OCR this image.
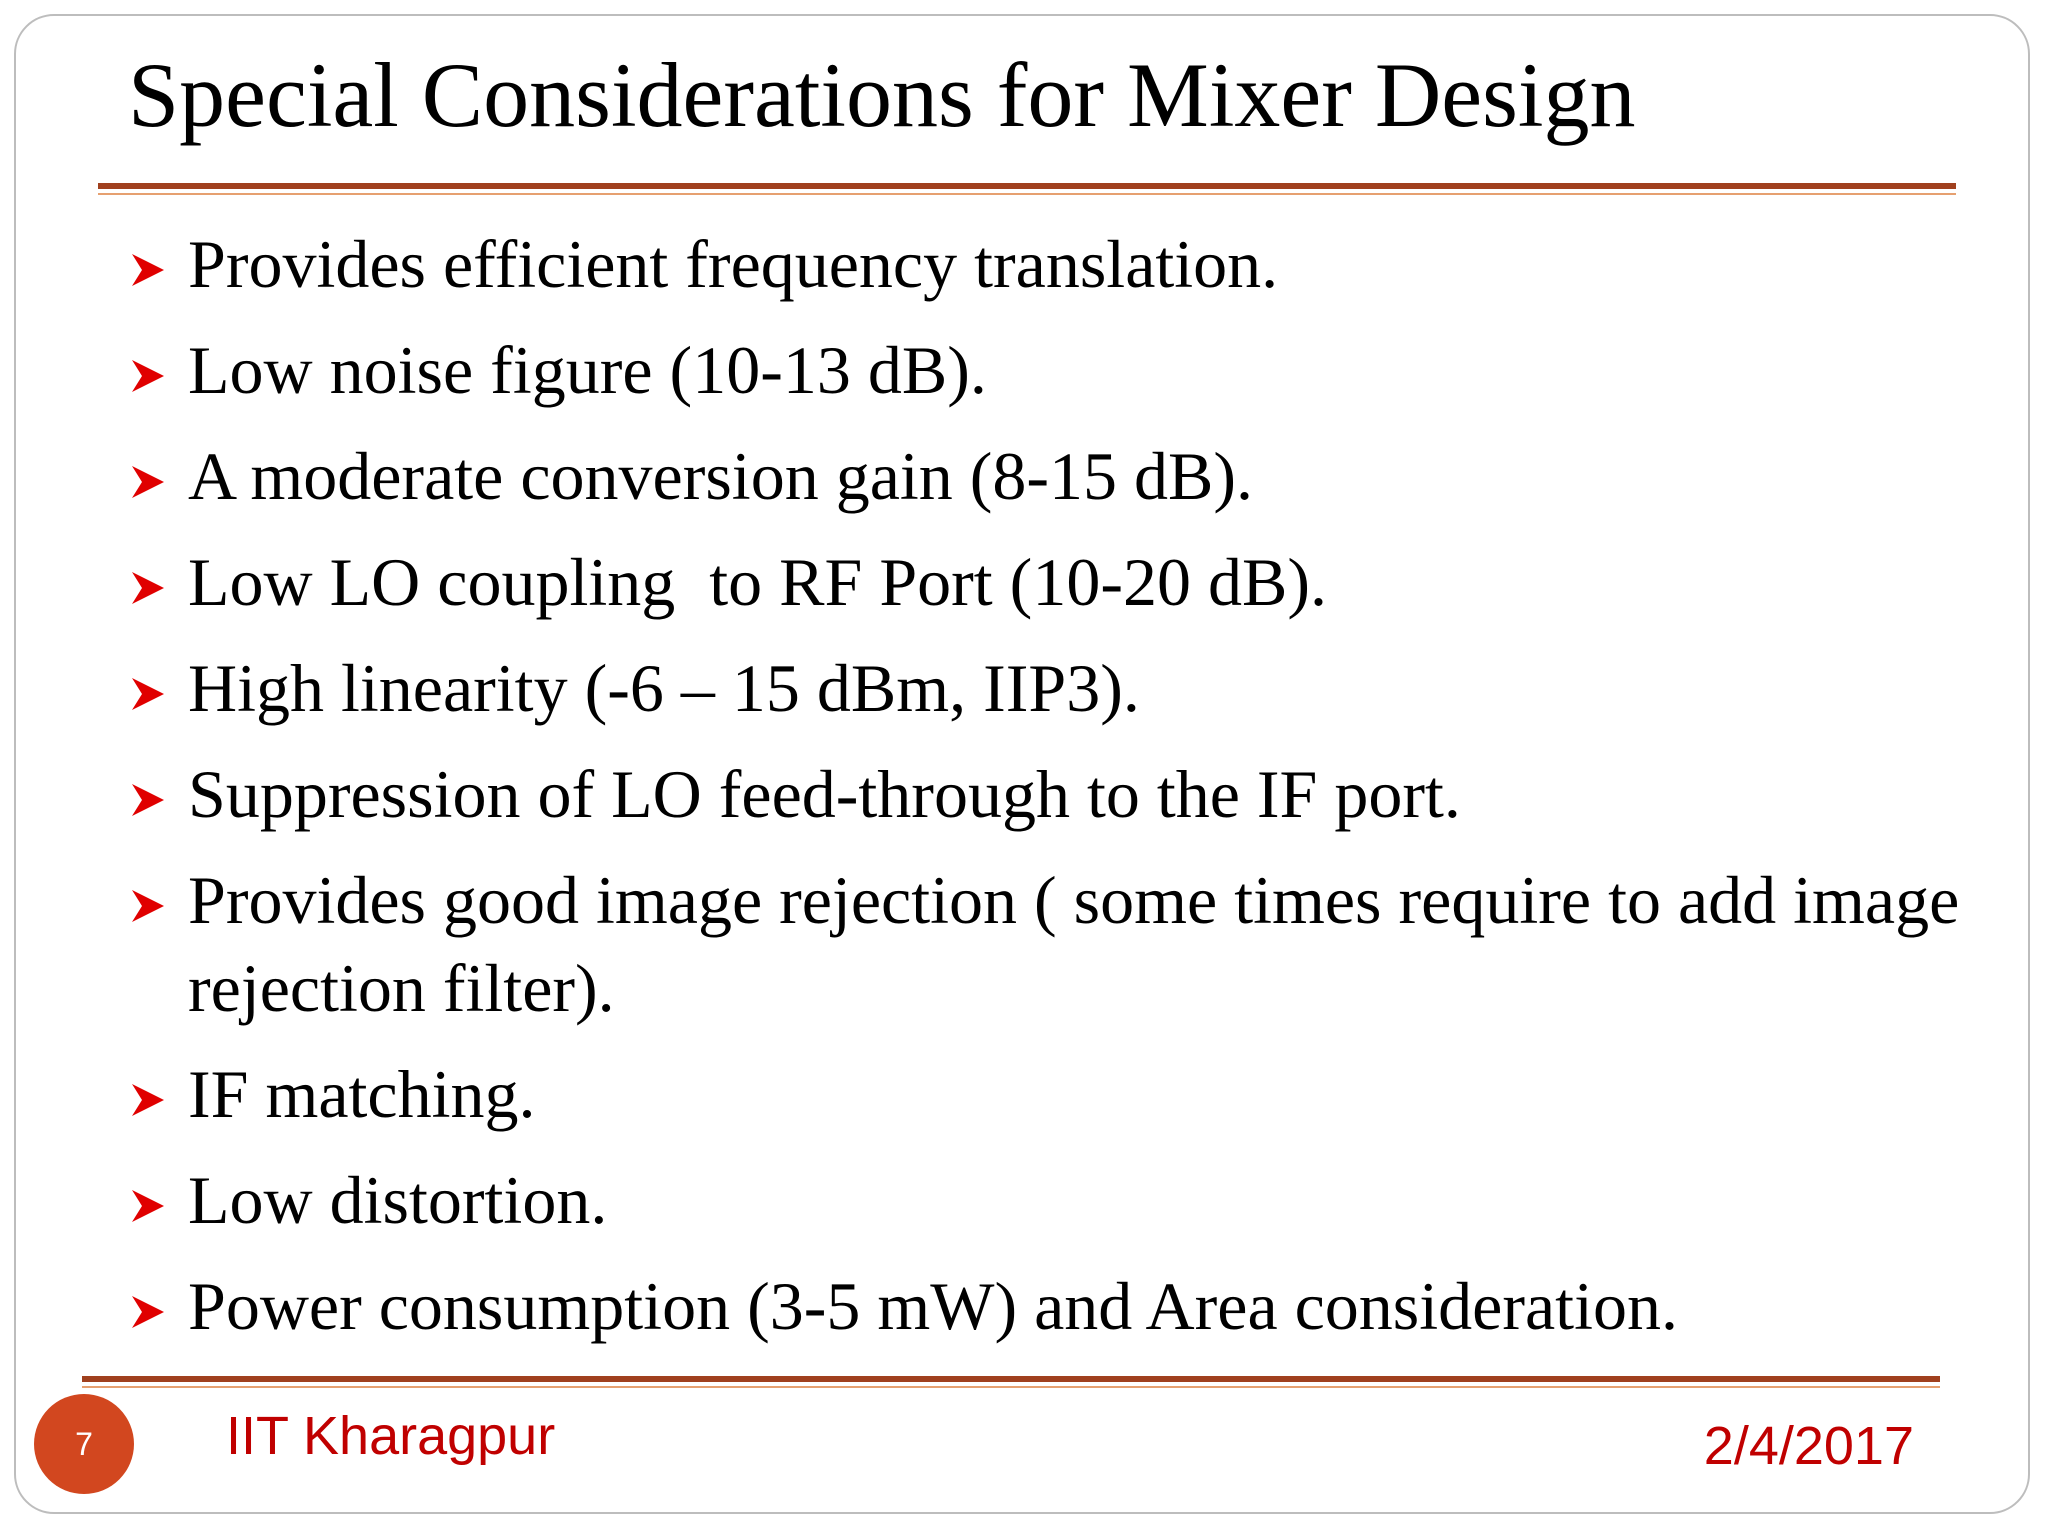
Special Considerations for Mixer Design
Provides efficient frequency translation.
Low noise figure (10-13 dB).
A moderate conversion gain (8-15 dB).
Low LO coupling  to RF Port (10-20 dB).
High linearity (-6 – 15 dBm, IIP3).
Suppression of LO feed-through to the IF port.
Provides good image rejection ( some times require to add image rejection filter).
IF matching.
Low distortion.
Power consumption (3-5 mW) and Area consideration.
7	IIT Kharagpur	2/4/2017
